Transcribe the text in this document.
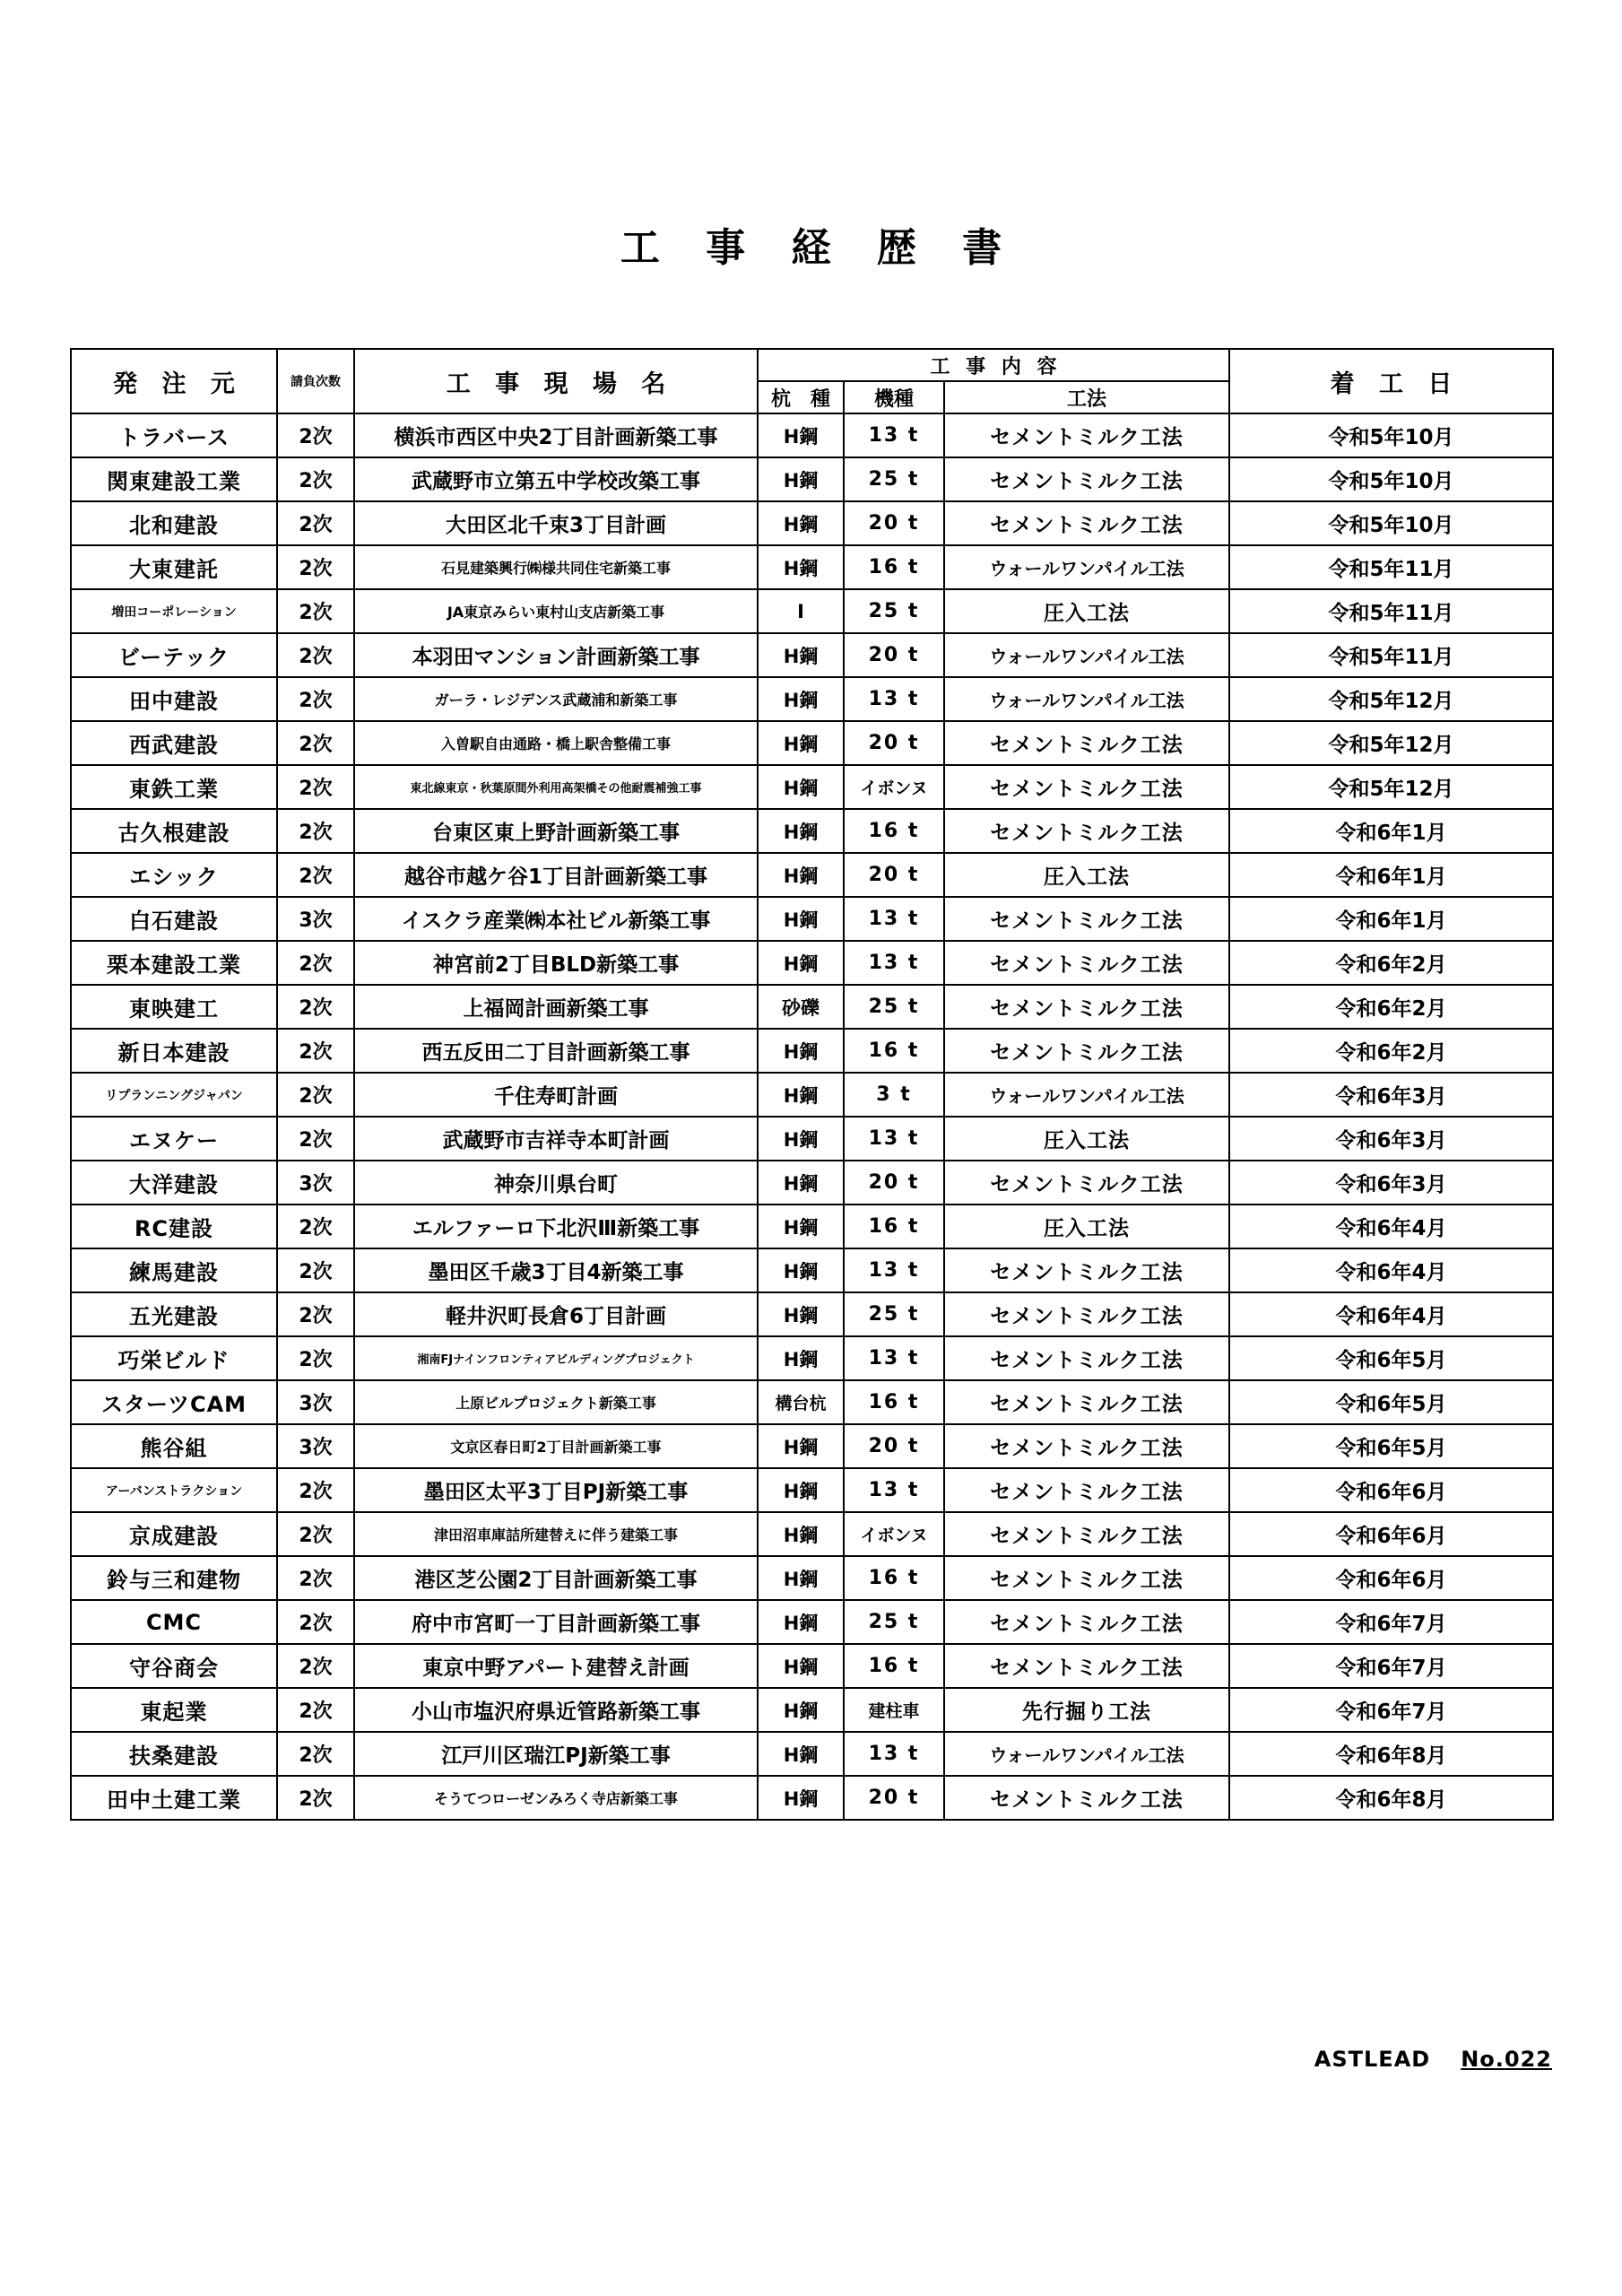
工 事 経 歴 書
発 注 元	請負次数	工 事 現 場 名	工 事 内 容			着 工 日
			杭　種	機種	工法	
トラバース	2次	横浜市西区中央2丁目計画新築工事	H鋼	13 t	セメントミルク工法	令和5年10月
関東建設工業	2次	武蔵野市立第五中学校改築工事	H鋼	25 t	セメントミルク工法	令和5年10月
北和建設	2次	大田区北千束3丁目計画	H鋼	20 t	セメントミルク工法	令和5年10月
大東建託	2次	石見建築興行㈱様共同住宅新築工事	H鋼	16 t	ウォールワンパイル工法	令和5年11月
増田コーポレーション	2次	JA東京みらい東村山支店新築工事	Ⅰ	25 t	圧入工法	令和5年11月
ビーテック	2次	本羽田マンション計画新築工事	H鋼	20 t	ウォールワンパイル工法	令和5年11月
田中建設	2次	ガーラ・レジデンス武蔵浦和新築工事	H鋼	13 t	ウォールワンパイル工法	令和5年12月
西武建設	2次	入曽駅自由通路・橋上駅舎整備工事	H鋼	20 t	セメントミルク工法	令和5年12月
東鉄工業	2次	東北線東京・秋葉原間外利用高架橋その他耐震補強工事	H鋼	イボンヌ	セメントミルク工法	令和5年12月
古久根建設	2次	台東区東上野計画新築工事	H鋼	16 t	セメントミルク工法	令和6年1月
エシック	2次	越谷市越ケ谷1丁目計画新築工事	H鋼	20 t	圧入工法	令和6年1月
白石建設	3次	イスクラ産業㈱本社ビル新築工事	H鋼	13 t	セメントミルク工法	令和6年1月
栗本建設工業	2次	神宮前2丁目BLD新築工事	H鋼	13 t	セメントミルク工法	令和6年2月
東映建工	2次	上福岡計画新築工事	砂礫	25 t	セメントミルク工法	令和6年2月
新日本建設	2次	西五反田二丁目計画新築工事	H鋼	16 t	セメントミルク工法	令和6年2月
リプランニングジャパン	2次	千住寿町計画	H鋼	3 t	ウォールワンパイル工法	令和6年3月
エヌケー	2次	武蔵野市吉祥寺本町計画	H鋼	13 t	圧入工法	令和6年3月
大洋建設	3次	神奈川県台町	H鋼	20 t	セメントミルク工法	令和6年3月
RC建設	2次	エルファーロ下北沢Ⅲ新築工事	H鋼	16 t	圧入工法	令和6年4月
練馬建設	2次	墨田区千歳3丁目4新築工事	H鋼	13 t	セメントミルク工法	令和6年4月
五光建設	2次	軽井沢町長倉6丁目計画	H鋼	25 t	セメントミルク工法	令和6年4月
巧栄ビルド	2次	湘南FJナインフロンティアビルディングプロジェクト	H鋼	13 t	セメントミルク工法	令和6年5月
スターツCAM	3次	上原ビルプロジェクト新築工事	構台杭	16 t	セメントミルク工法	令和6年5月
熊谷組	3次	文京区春日町2丁目計画新築工事	H鋼	20 t	セメントミルク工法	令和6年5月
アーバンストラクション	2次	墨田区太平3丁目PJ新築工事	H鋼	13 t	セメントミルク工法	令和6年6月
京成建設	2次	津田沼車庫詰所建替えに伴う建築工事	H鋼	イボンヌ	セメントミルク工法	令和6年6月
鈴与三和建物	2次	港区芝公園2丁目計画新築工事	H鋼	16 t	セメントミルク工法	令和6年6月
CMC	2次	府中市宮町一丁目計画新築工事	H鋼	25 t	セメントミルク工法	令和6年7月
守谷商会	2次	東京中野アパート建替え計画	H鋼	16 t	セメントミルク工法	令和6年7月
東起業	2次	小山市塩沢府県近管路新築工事	H鋼	建柱車	先行掘り工法	令和6年7月
扶桑建設	2次	江戸川区瑞江PJ新築工事	H鋼	13 t	ウォールワンパイル工法	令和6年8月
田中土建工業	2次	そうてつローゼンみろく寺店新築工事	H鋼	20 t	セメントミルク工法	令和6年8月
ASTLEAD No.022
